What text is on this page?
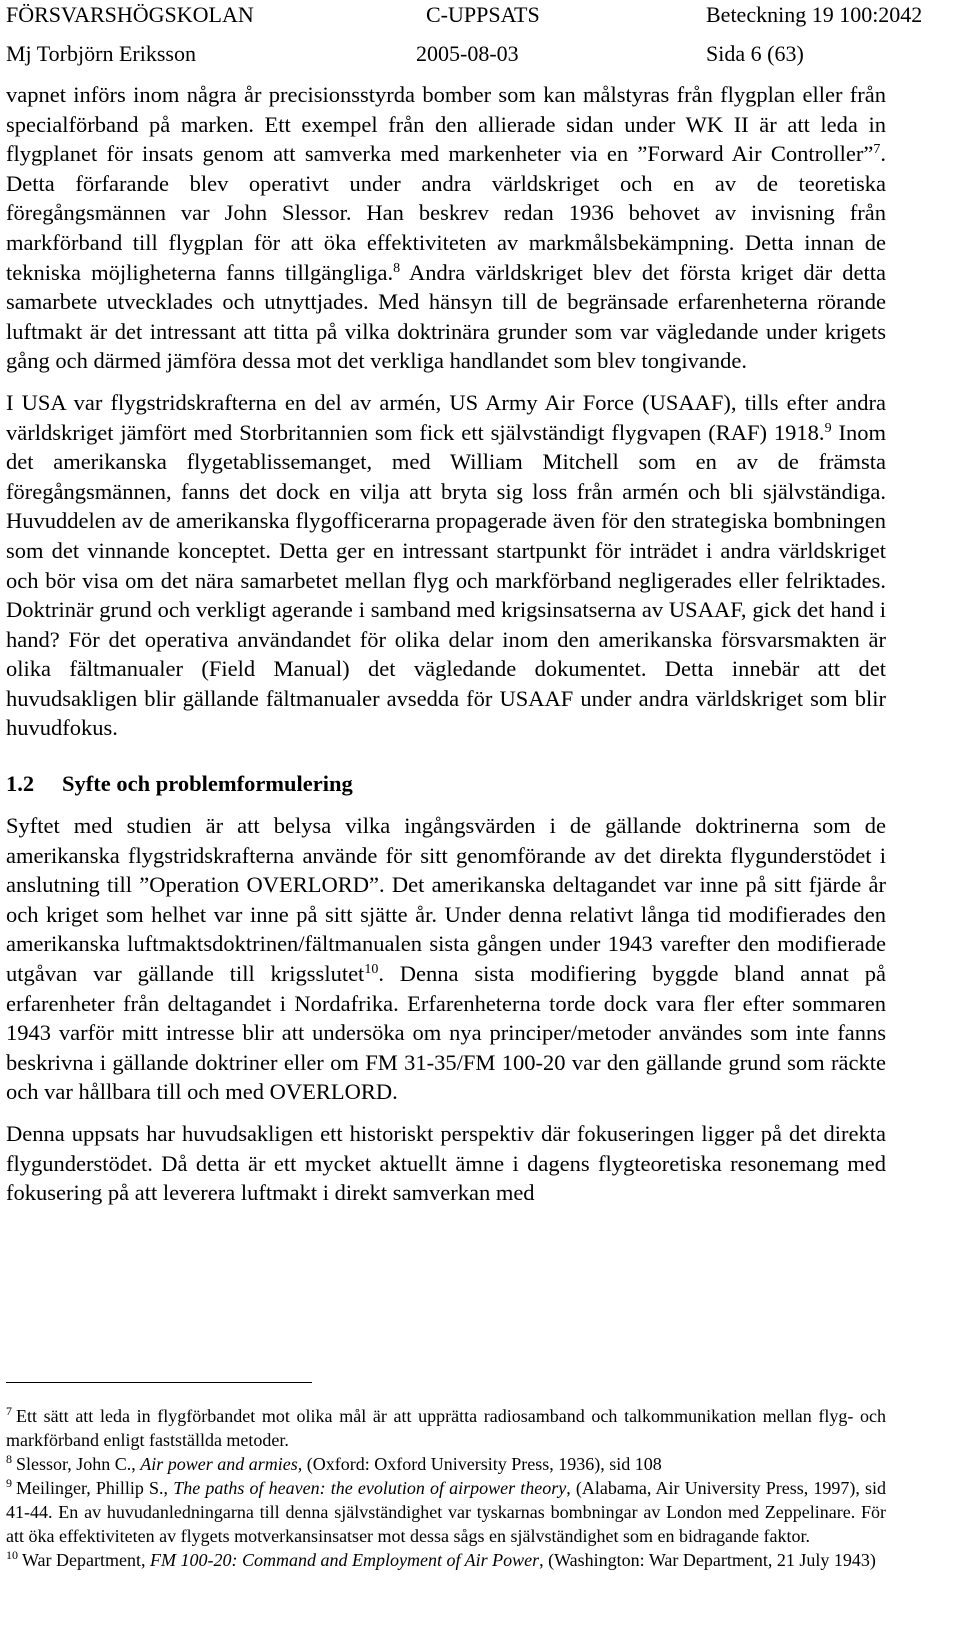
FÖRSVARSHÖGSKOLAN	C-UPPSATS	Beteckning 19 100:2042
Mj Torbjörn Eriksson	2005-08-03	Sida 6 (63)

vapnet införs inom några år precisionsstyrda bomber som kan målstyras från flygplan eller från specialförband på marken. Ett exempel från den allierade sidan under WK II är att leda in flygplanet för insats genom att samverka med markenheter via en ”Forward Air Controller”$^7$. Detta förfarande blev operativt under andra världskriget och en av de teoretiska föregångsmännen var John Slessor. Han beskrev redan 1936 behovet av invisning från markförband till flygplan för att öka effektiviteten av markmålsbekämpning. Detta innan de tekniska möjligheterna fanns tillgängliga.$^8$ Andra världskriget blev det första kriget där detta samarbete utvecklades och utnyttjades. Med hänsyn till de begränsade erfarenheterna rörande luftmakt är det intressant att titta på vilka doktrinära grunder som var vägledande under krigets gång och därmed jämföra dessa mot det verkliga handlandet som blev tongivande.

I USA var flygstridskrafterna en del av armén, US Army Air Force (USAAF), tills efter andra världskriget jämfört med Storbritannien som fick ett självständigt flygvapen (RAF) 1918.$^9$ Inom det amerikanska flygetablissemanget, med William Mitchell som en av de främsta föregångsmännen, fanns det dock en vilja att bryta sig loss från armén och bli självständiga. Huvuddelen av de amerikanska flygofficerarna propagerade även för den strategiska bombningen som det vinnande konceptet. Detta ger en intressant startpunkt för inträdet i andra världskriget och bör visa om det nära samarbetet mellan flyg och markförband negligerades eller felriktades. Doktrinär grund och verkligt agerande i samband med krigsinsatserna av USAAF, gick det hand i hand? För det operativa användandet för olika delar inom den amerikanska försvarsmakten är olika fältmanualer (Field Manual) det vägledande dokumentet. Detta innebär att det huvudsakligen blir gällande fältmanualer avsedda för USAAF under andra världskriget som blir huvudfokus.

1.2 Syfte och problemformulering

Syftet med studien är att belysa vilka ingångsvärden i de gällande doktrinerna som de amerikanska flygstridskrafterna använde för sitt genomförande av det direkta flygunderstödet i anslutning till ”Operation OVERLORD”. Det amerikanska deltagandet var inne på sitt fjärde år och kriget som helhet var inne på sitt sjätte år. Under denna relativt långa tid modifierades den amerikanska luftmaktsdoktrinen/fältmanualen sista gången under 1943 varefter den modifierade utgåvan var gällande till krigsslutet$^{10}$. Denna sista modifiering byggde bland annat på erfarenheter från deltagandet i Nordafrika. Erfarenheterna torde dock vara fler efter sommaren 1943 varför mitt intresse blir att undersöka om nya principer/metoder användes som inte fanns beskrivna i gällande doktriner eller om FM 31-35/FM 100-20 var den gällande grund som räckte och var hållbara till och med OVERLORD.

Denna uppsats har huvudsakligen ett historiskt perspektiv där fokuseringen ligger på det direkta flygunderstödet. Då detta är ett mycket aktuellt ämne i dagens flygteoretiska resonemang med fokusering på att leverera luftmakt i direkt samverkan med

$^7$ Ett sätt att leda in flygförbandet mot olika mål är att upprätta radiosamband och talkommunikation mellan flyg- och markförband enligt fastställda metoder.

$^8$ Slessor, John C., Air power and armies, (Oxford: Oxford University Press, 1936), sid 108

$^9$ Meilinger, Phillip S., The paths of heaven: the evolution of airpower theory, (Alabama, Air University Press, 1997), sid 41-44. En av huvudanledningarna till denna självständighet var tyskarnas bombningar av London med Zeppelinare. För att öka effektiviteten av flygets motverkansinsatser mot dessa sågs en självständighet som en bidragande faktor.

$^{10}$ War Department, FM 100-20: Command and Employment of Air Power, (Washington: War Department, 21 July 1943)
